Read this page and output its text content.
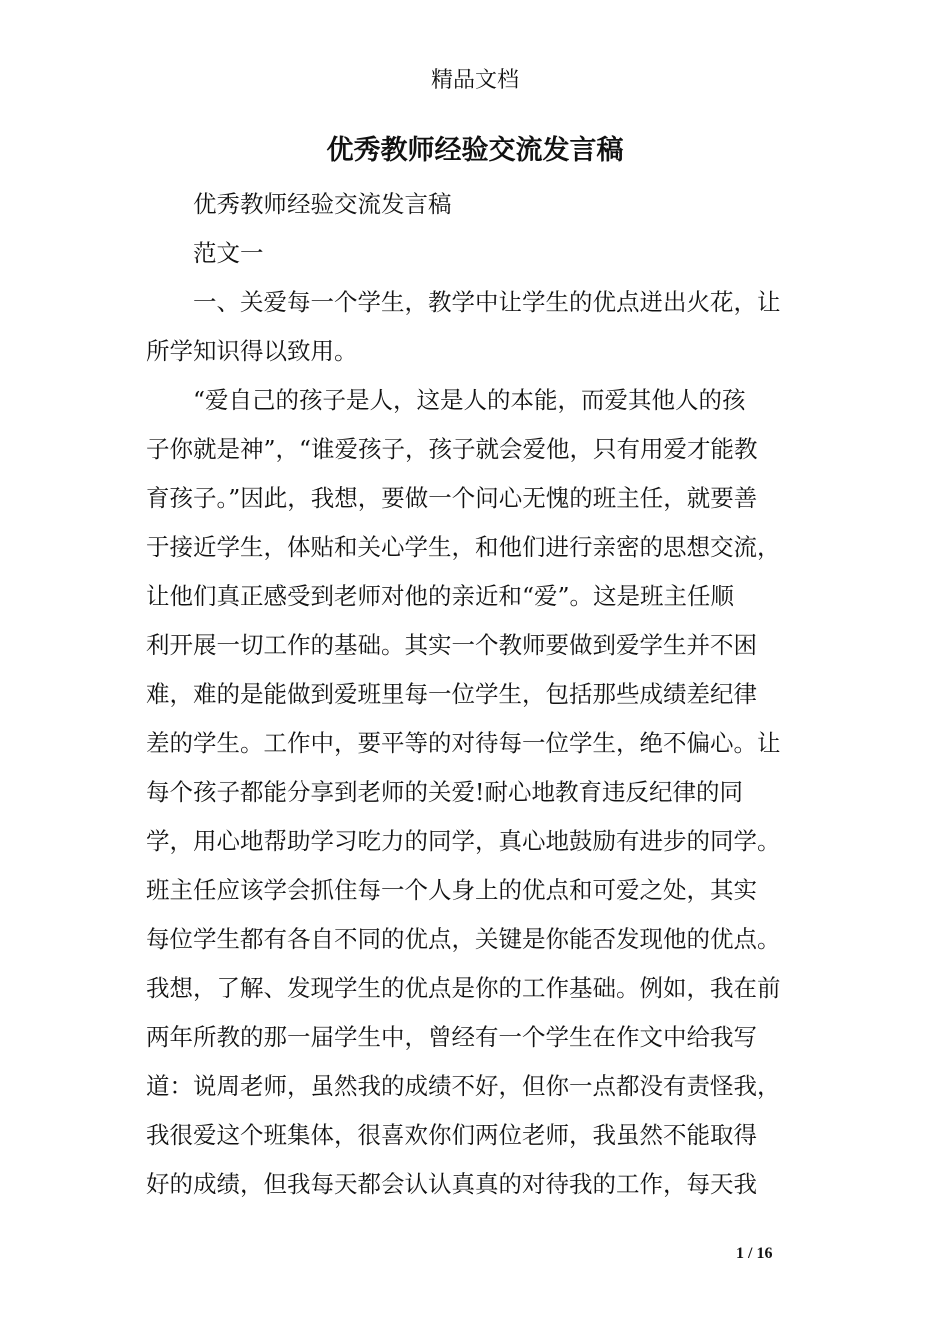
精品文档
优秀教师经验交流发言稿

优秀教师经验交流发言稿

范文一

一、关爱每一个学生，教学中让学生的优点迸出火花，让
所学知识得以致用。

“爱自己的孩子是人，这是人的本能，而爱其他人的孩
子你就是神”，“谁爱孩子，孩子就会爱他，只有用爱才能教
育孩子。”因此，我想，要做一个问心无愧的班主任，就要善
于接近学生，体贴和关心学生，和他们进行亲密的思想交流，
让他们真正感受到老师对他的亲近和“爱”。这是班主任顺
利开展一切工作的基础。其实一个教师要做到爱学生并不困
难，难的是能做到爱班里每一位学生，包括那些成绩差纪律
差的学生。工作中，要平等的对待每一位学生，绝不偏心。让
每个孩子都能分享到老师的关爱!耐心地教育违反纪律的同
学，用心地帮助学习吃力的同学，真心地鼓励有进步的同学。
班主任应该学会抓住每一个人身上的优点和可爱之处，其实
每位学生都有各自不同的优点，关键是你能否发现他的优点。
我想，了解、发现学生的优点是你的工作基础。例如，我在前
两年所教的那一届学生中，曾经有一个学生在作文中给我写
道：说周老师，虽然我的成绩不好，但你一点都没有责怪我，
我很爱这个班集体，很喜欢你们两位老师，我虽然不能取得
好的成绩，但我每天都会认认真真的对待我的工作，每天我

1 / 16
